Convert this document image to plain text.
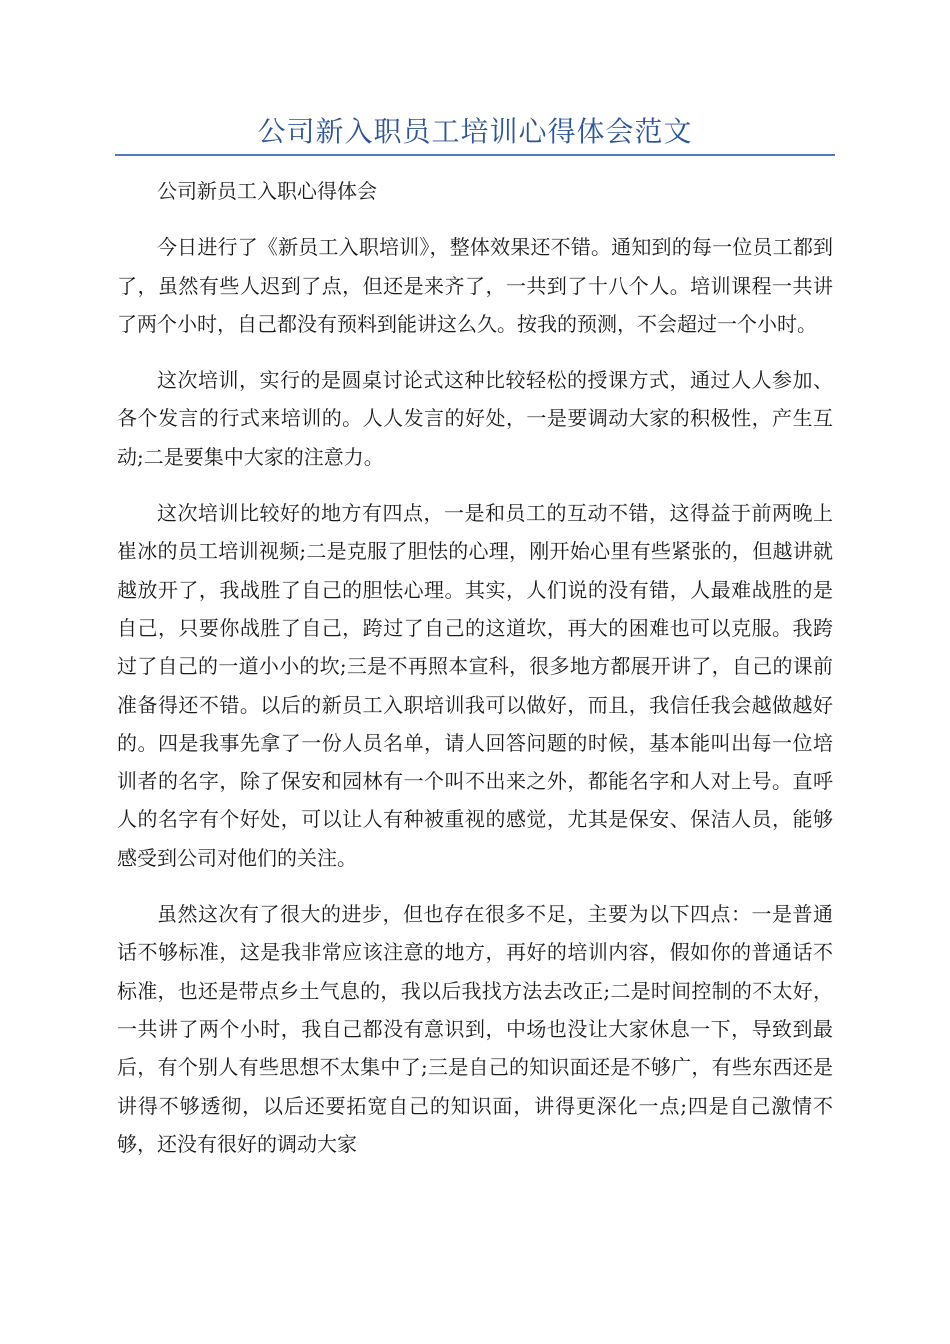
公司新入职员工培训心得体会范文

公司新员工入职心得体会

今日进行了《新员工入职培训》，整体效果还不错。通知到的每一位员工都到了，虽然有些人迟到了点，但还是来齐了，一共到了十八个人。培训课程一共讲了两个小时，自己都没有预料到能讲这么久。按我的预测，不会超过一个小时。

这次培训，实行的是圆桌讨论式这种比较轻松的授课方式，通过人人参加、各个发言的行式来培训的。人人发言的好处，一是要调动大家的积极性，产生互动;二是要集中大家的注意力。

这次培训比较好的地方有四点，一是和员工的互动不错，这得益于前两晚上崔冰的员工培训视频;二是克服了胆怯的心理，刚开始心里有些紧张的，但越讲就越放开了，我战胜了自己的胆怯心理。其实，人们说的没有错，人最难战胜的是自己，只要你战胜了自己，跨过了自己的这道坎，再大的困难也可以克服。我跨过了自己的一道小小的坎;三是不再照本宣科，很多地方都展开讲了，自己的课前准备得还不错。以后的新员工入职培训我可以做好，而且，我信任我会越做越好的。四是我事先拿了一份人员名单，请人回答问题的时候，基本能叫出每一位培训者的名字，除了保安和园林有一个叫不出来之外，都能名字和人对上号。直呼人的名字有个好处，可以让人有种被重视的感觉，尤其是保安、保洁人员，能够感受到公司对他们的关注。

虽然这次有了很大的进步，但也存在很多不足，主要为以下四点：一是普通话不够标准，这是我非常应该注意的地方，再好的培训内容，假如你的普通话不标准，也还是带点乡土气息的，我以后我找方法去改正;二是时间控制的不太好，一共讲了两个小时，我自己都没有意识到，中场也没让大家休息一下，导致到最后，有个别人有些思想不太集中了;三是自己的知识面还是不够广，有些东西还是讲得不够透彻，以后还要拓宽自己的知识面，讲得更深化一点;四是自己激情不够，还没有很好的调动大家
